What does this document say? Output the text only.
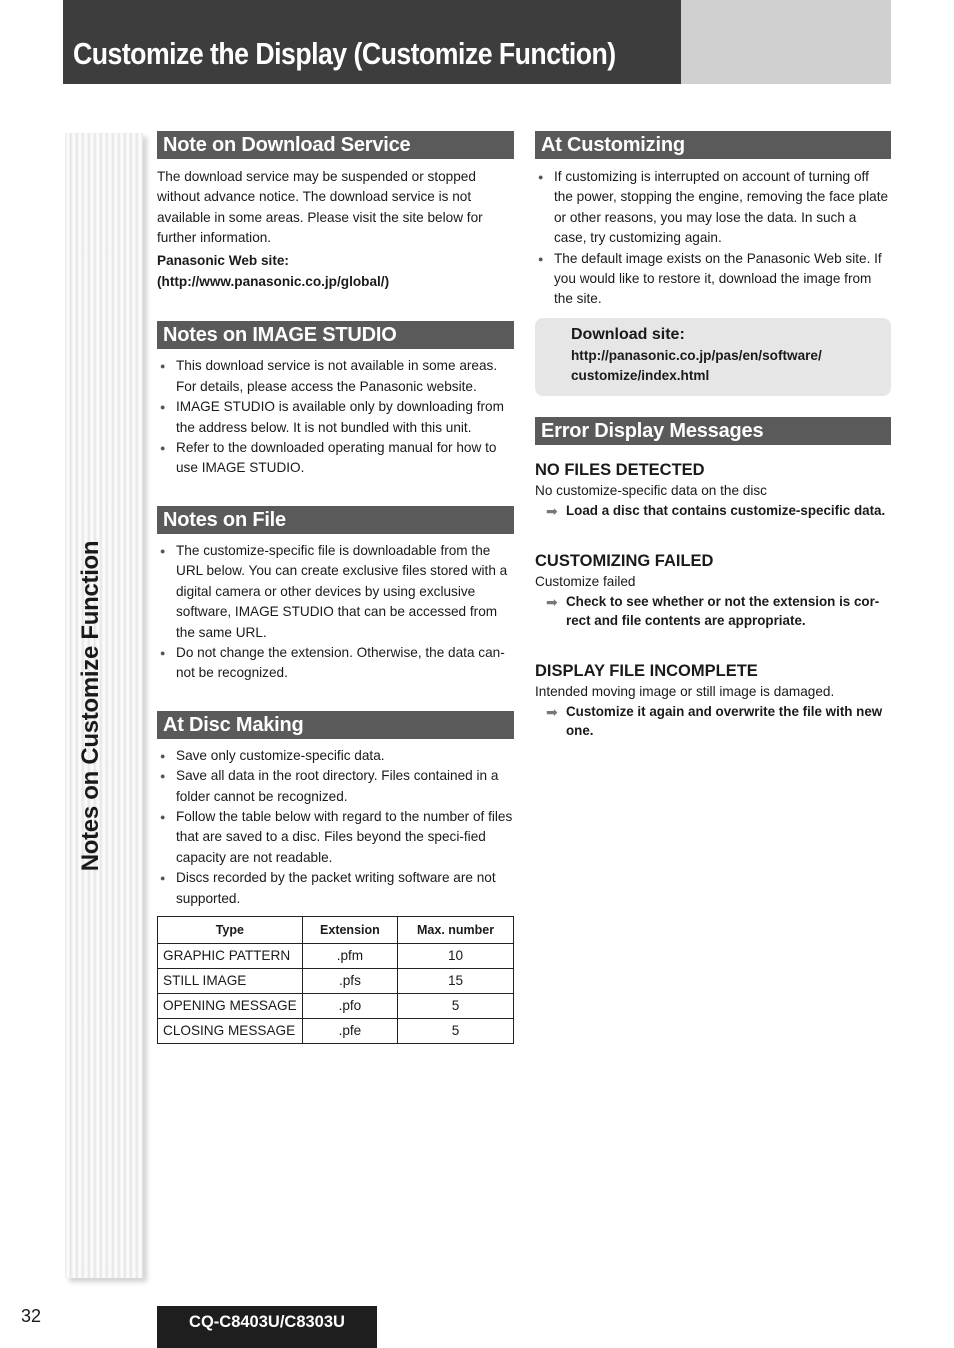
Customize the Display (Customize Function)
Notes on Customize Function
Note on Download Service

The download service may be suspended or stopped without advance notice. The download service is not available in some areas. Please visit the site below for further information.

Panasonic Web site:

(http://www.panasonic.co.jp/global/)

Notes on IMAGE STUDIO
● This download service is not available in some areas. For details, please access the Panasonic website.
● IMAGE STUDIO is available only by downloading from the address below. It is not bundled with this unit.
● Refer to the downloaded operating manual for how to use IMAGE STUDIO.
Notes on File
● The customize-specific file is downloadable from the URL below. You can create exclusive files stored with a digital camera or other devices by using exclusive software, IMAGE STUDIO that can be accessed from the same URL.
● Do not change the extension. Otherwise, the data can-not be recognized.
At Disc Making
● Save only customize-specific data.
● Save all data in the root directory. Files contained in a folder cannot be recognized.
● Follow the table below with regard to the number of files that are saved to a disc. Files beyond the speci-fied capacity are not readable.
● Discs recorded by the packet writing software are not supported.
Type	Extension	Max. number
GRAPHIC PATTERN	.pfm	10
STILL IMAGE	.pfs	15
OPENING MESSAGE	.pfo	5
CLOSING MESSAGE	.pfe	5
At Customizing
● If customizing is interrupted on account of turning off the power, stopping the engine, removing the face plate or other reasons, you may lose the data. In such a case, try customizing again.
● The default image exists on the Panasonic Web site. If you would like to restore it, download the image from the site.
Download site:
http://panasonic.co.jp/pas/en/software/
customize/index.html
Error Display Messages
NO FILES DETECTED
No customize-specific data on the disc
➡ Load a disc that contains customize-specific data.
CUSTOMIZING FAILED
Customize failed
➡ Check to see whether or not the extension is cor-rect and file contents are appropriate.
DISPLAY FILE INCOMPLETE
Intended moving image or still image is damaged.
➡ Customize it again and overwrite the file with new one.
32	CQ-C8403U/C8303U
